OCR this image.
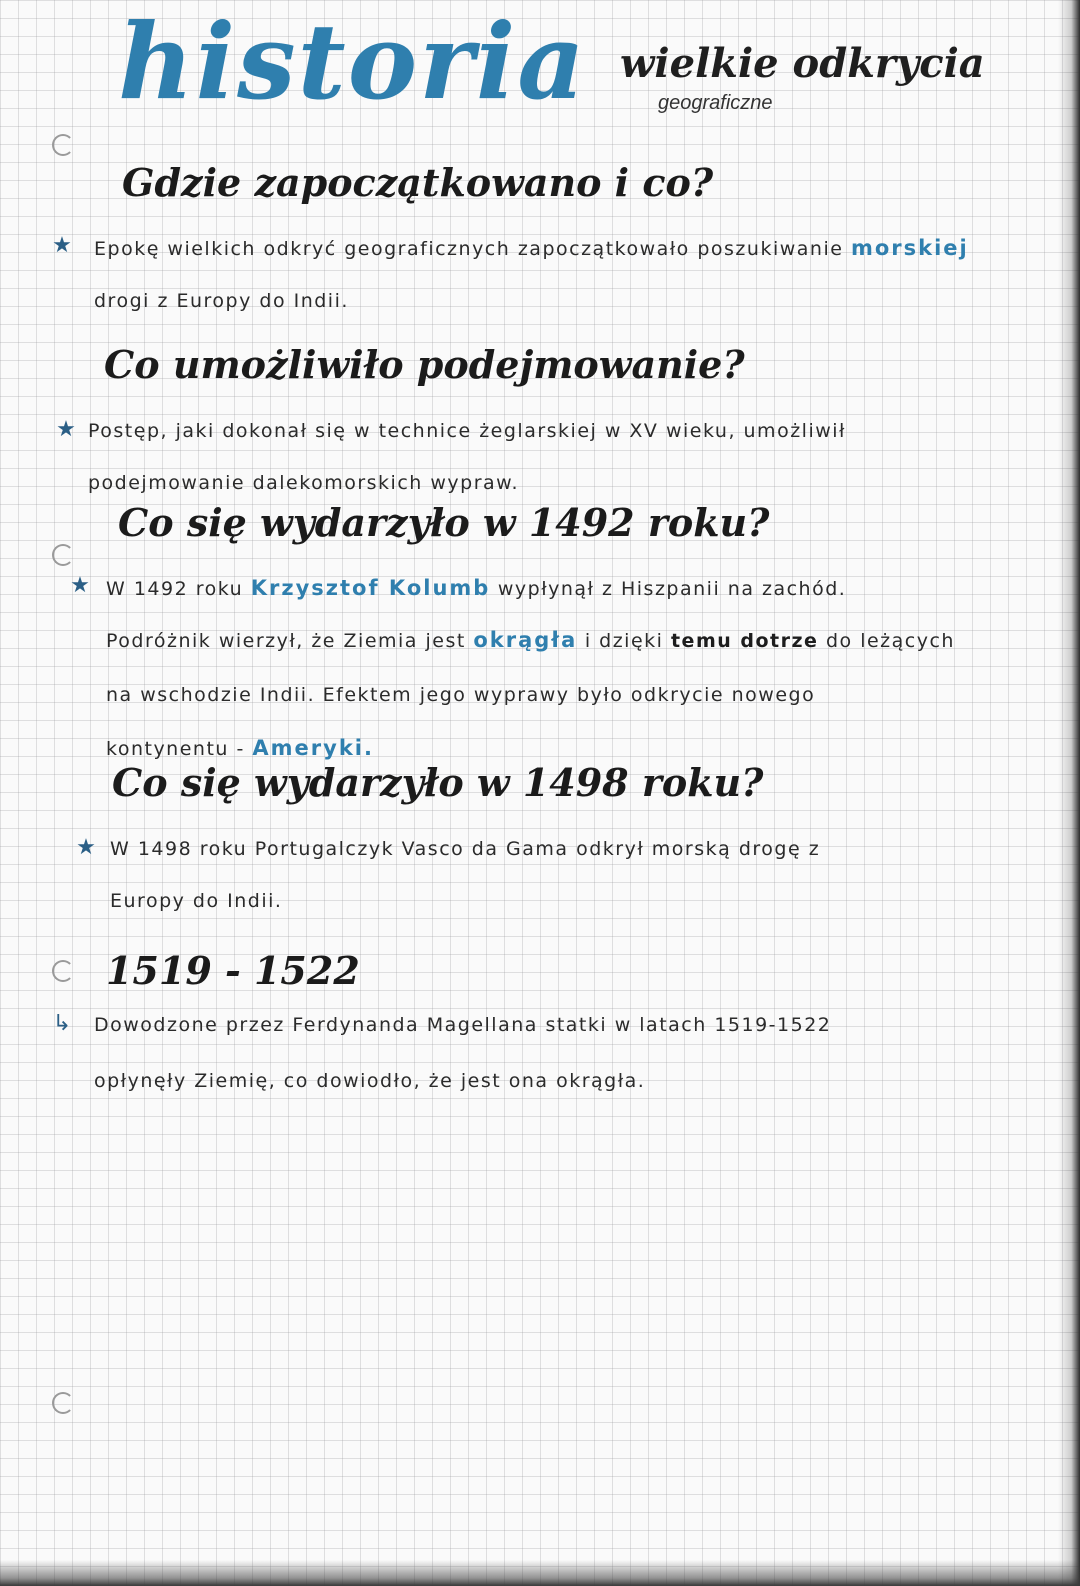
historia wielkie odkrycia
geograficzne
Gdzie zapoczątkowano i co?
★ Epokę wielkich odkryć geograficznych zapoczątkowało poszukiwanie morskiej
drogi z Europy do Indii.
Co umożliwiło podejmowanie?
★ Postęp, jaki dokonał się w technice żeglarskiej w XV wieku, umożliwił
podejmowanie dalekomorskich wypraw.
Co się wydarzyło w 1492 roku?
★ W 1492 roku Krzysztof Kolumb wypłynął z Hiszpanii na zachód.
Podróżnik wierzył, że Ziemia jest okrągła i dzięki temu dotrze do leżących
na wschodzie Indii. Efektem jego wyprawy było odkrycie nowego
kontynentu - Ameryki.
Co się wydarzyło w 1498 roku?
★ W 1498 roku Portugalczyk Vasco da Gama odkrył morską drogę z
Europy do Indii.
1519 - 1522
↳ Dowodzone przez Ferdynanda Magellana statki w latach 1519-1522
opłynęły Ziemię, co dowiodło, że jest ona okrągła.
